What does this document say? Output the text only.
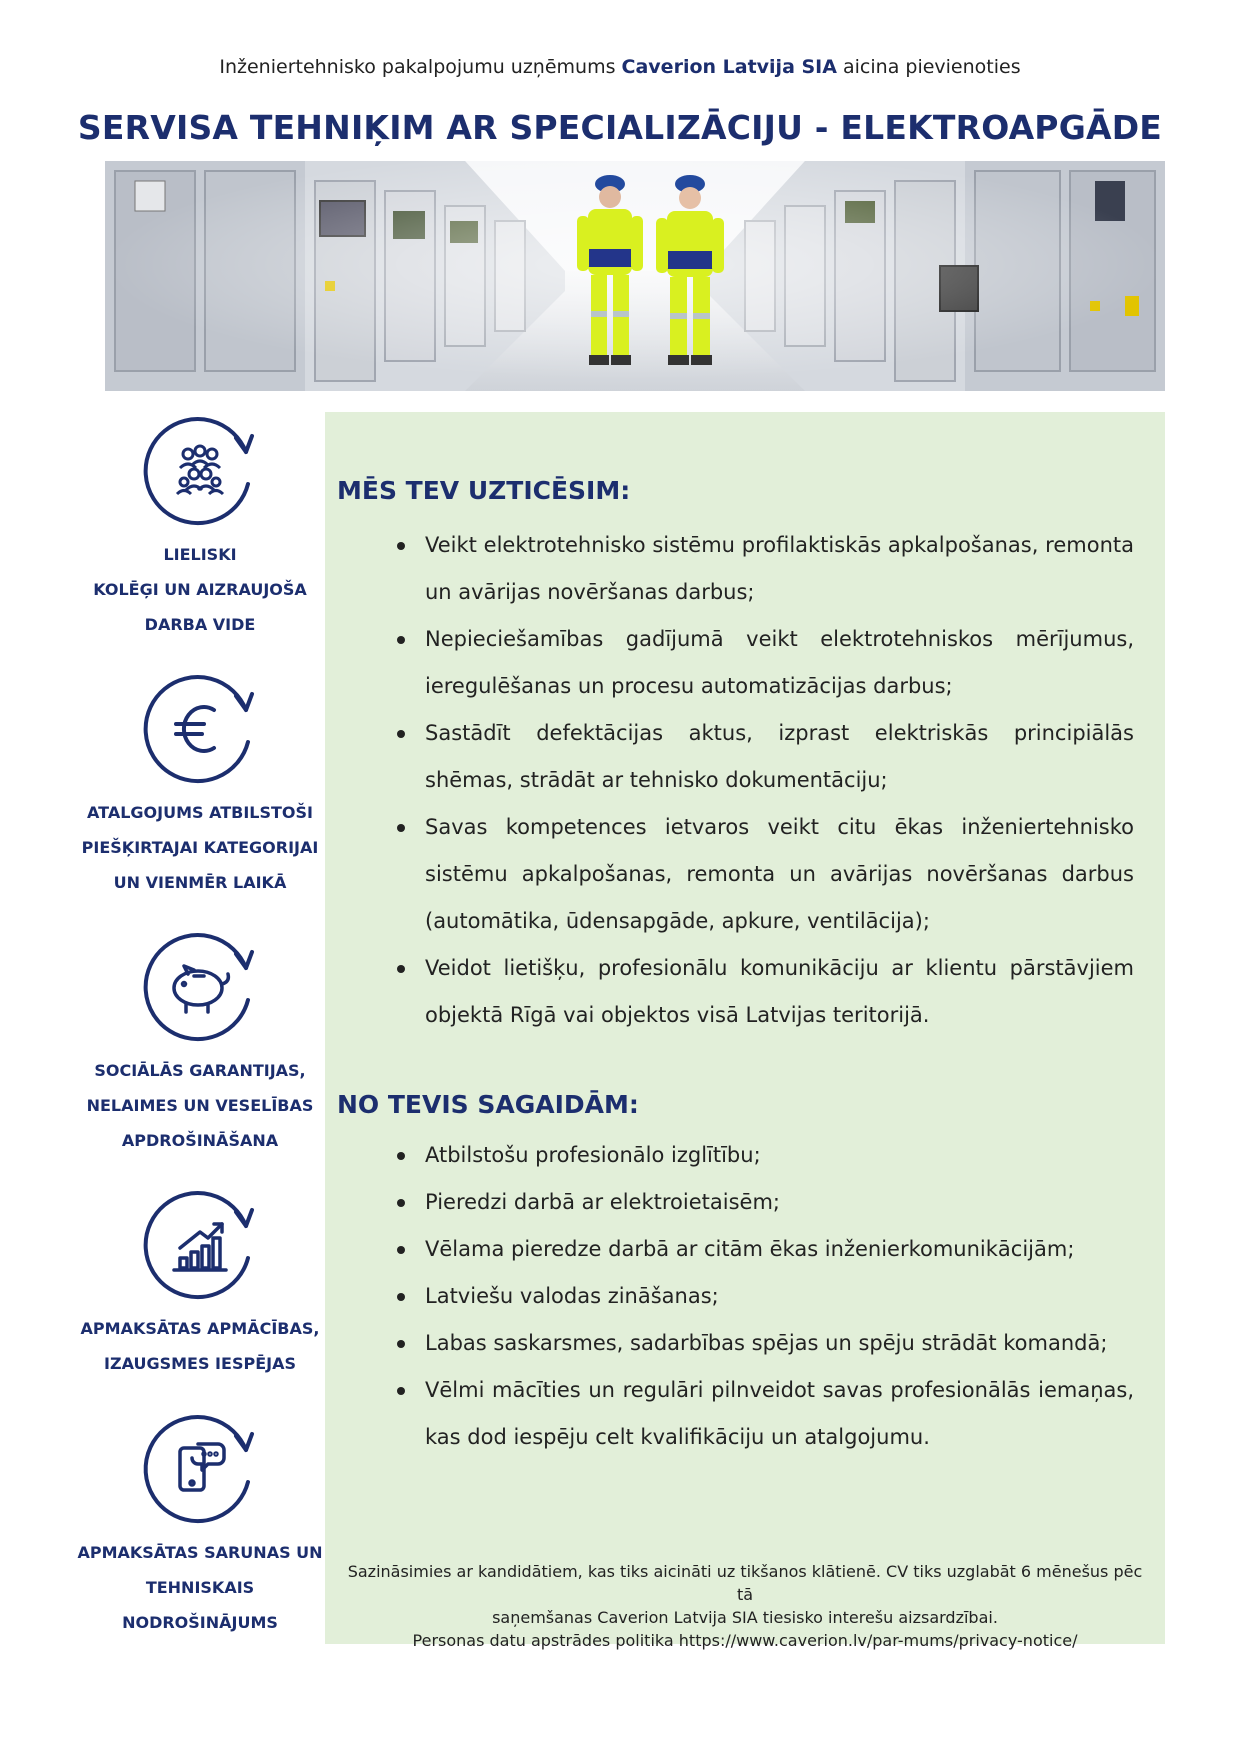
Inženiertehnisko pakalpojumu uzņēmums Caverion Latvija SIA aicina pievienoties
SERVISA TEHNIĶIM AR SPECIALIZĀCIJU - ELEKTROAPGĀDE
LIELISKI
KOLĒĢI UN AIZRAUJOŠA
DARBA VIDE
ATALGOJUMS ATBILSTOŠI
PIEŠĶIRTAJAI KATEGORIJAI
UN VIENMĒR LAIKĀ
SOCIĀLĀS GARANTIJAS,
NELAIMES UN VESELĪBAS
APDROŠINĀŠANA
APMAKSĀTAS APMĀCĪBAS,
IZAUGSMES IESPĒJAS
APMAKSĀTAS SARUNAS UN
TEHNISKAIS
NODROŠINĀJUMS
MĒS TEV UZTICĒSIM:
Veikt elektrotehnisko sistēmu profilaktiskās apkalpošanas, remonta un avārijas novēršanas darbus;
Nepieciešamības gadījumā veikt elektrotehniskos mērījumus, ieregulēšanas un procesu automatizācijas darbus;
Sastādīt defektācijas aktus, izprast elektriskās principiālās shēmas, strādāt ar tehnisko dokumentāciju;
Savas kompetences ietvaros veikt citu ēkas inženiertehnisko sistēmu apkalpošanas, remonta un avārijas novēršanas darbus (automātika, ūdensapgāde, apkure, ventilācija);
Veidot lietišķu, profesionālu komunikāciju ar klientu pārstāvjiem objektā Rīgā vai objektos visā Latvijas teritorijā.
NO TEVIS SAGAIDĀM:
Atbilstošu profesionālo izglītību;
Pieredzi darbā ar elektroietaisēm;
Vēlama pieredze darbā ar citām ēkas inženierkomunikācijām;
Latviešu valodas zināšanas;
Labas saskarsmes, sadarbības spējas un spēju strādāt komandā;
Vēlmi mācīties un regulāri pilnveidot savas profesionālās iemaņas, kas dod iespēju celt kvalifikāciju un atalgojumu.
Sazināsimies ar kandidātiem, kas tiks aicināti uz tikšanos klātienē. CV tiks uzglabāt 6 mēnešus pēc tā
saņemšanas Caverion Latvija SIA tiesisko interešu aizsardzībai.
Personas datu apstrādes politika https://www.caverion.lv/par-mums/privacy-notice/
